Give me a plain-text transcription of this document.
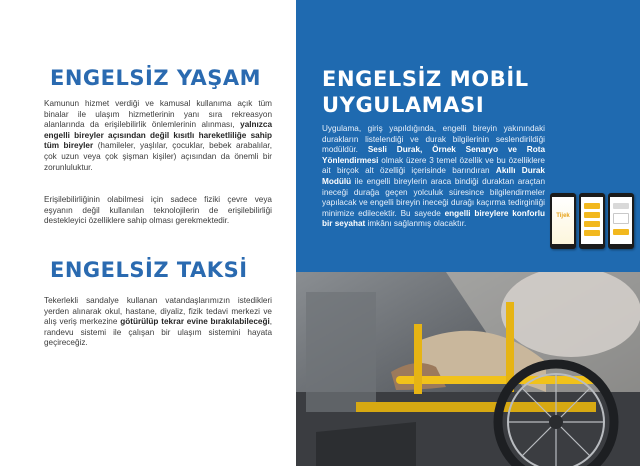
ENGELSİZ YAŞAM
Kamunun hizmet verdiği ve kamusal kullanıma açık tüm binalar ile ulaşım hizmetlerinin yanı sıra rekreasyon alanlarında da erişilebilirlik önlemlerinin alınması, yalnızca engelli bireyler açısından değil kısıtlı hareketliliğe sahip tüm bireyler (hamileler, yaşlılar, çocuklar, bebek arabalılar, çok uzun veya çok şişman kişiler) açısından da önemli bir zorunluluktur.
Erişilebilirliğinin olabilmesi için sadece fiziki çevre veya eşyanın değil kullanılan teknolojilerin de erişilebilirliği destekleyici özelliklere sahip olması gerekmektedir.
ENGELSİZ TAKSİ
Tekerlekli sandalye kullanan vatandaşlarımızın istedikleri yerden alınarak okul, hastane, diyaliz, fizik tedavi merkezi ve alış veriş merkezine götürülüp tekrar evine bırakılabileceği, randevu sistemi ile çalışan bir ulaşım sistemini hayata geçireceğiz.
ENGELSİZ MOBİL
UYGULAMASI
Uygulama, giriş yapıldığında, engelli bireyin yakınındaki durakların listelendiği ve durak bilgilerinin seslendirildiği modüldür. Sesli Durak, Örnek Senaryo ve Rota Yönlendirmesi olmak üzere 3 temel özellik ve bu özelliklere ait birçok alt özelliği içerisinde barındıran Akıllı Durak Modülü ile engelli bireylerin araca bindiği duraktan araçtan ineceği durağa geçen yolculuk süresince bilgilendirmeler yapılacak ve engelli bireyin ineceği durağı kaçırma tedirginliği minimize edilecektir. Bu sayede engelli bireylere konforlu bir seyahat imkânı sağlanmış olacaktır.
Tijek
